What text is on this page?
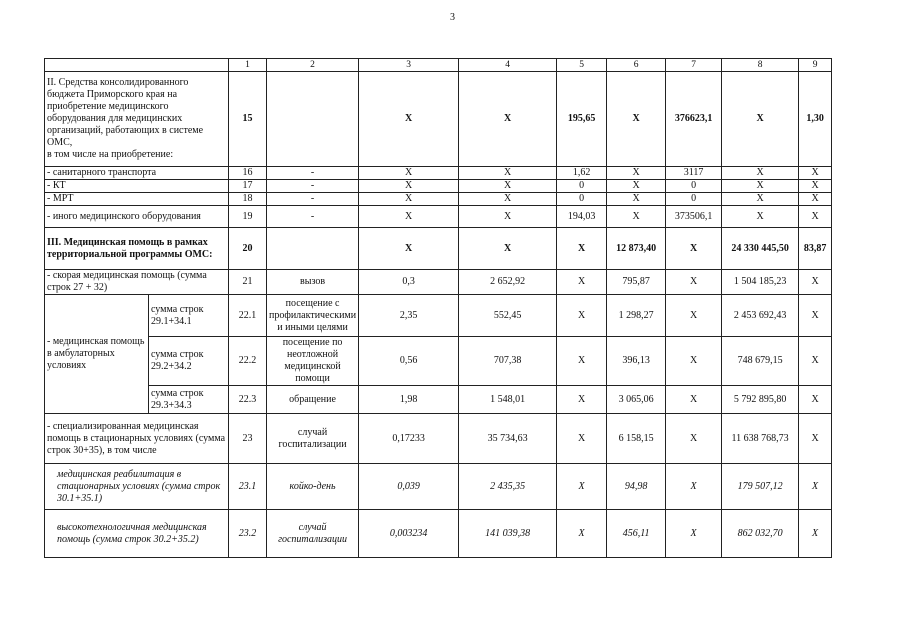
3
		1	2	3	4	5	6	7	8	9

II. Средства консолидированного бюджета Приморского края на приобретение медицинского оборудования для медицинских организаций, работающих в системе ОМС,
в том числе на приобретение:		15		X	X	195,65	X	376623,1	X	1,30
- санитарного транспорта		16	-	X	X	1,62	X	3117	X	X
- КТ		17	-	X	X	0	X	0	X	X
- МРТ		18	-	X	X	0	X	0	X	X
- иного медицинского оборудования		19	-	X	X	194,03	X	373506,1	X	X
III. Медицинская помощь в рамках территориальной программы ОМС:		20		X	X	X	12 873,40	X	24 330 445,50	83,87
- скорая медицинская помощь (сумма строк 27 + 32)		21	вызов	0,3	2 652,92	X	795,87	X	1 504 185,23	X
- медицинская помощь в амбулаторных условиях	сумма строк 29.1+34.1	22.1	посещение с профилактическими и иными целями	2,35	552,45	X	1 298,27	X	2 453 692,43	X
	сумма строк 29.2+34.2	22.2	посещение по неотложной медицинской помощи	0,56	707,38	X	396,13	X	748 679,15	X
	сумма строк 29.3+34.3	22.3	обращение	1,98	1 548,01	X	3 065,06	X	5 792 895,80	X
- специализированная медицинская помощь в стационарных условиях (сумма строк 30+35), в том числе		23	случай госпитализации	0,17233	35 734,63	X	6 158,15	X	11 638 768,73	X
медицинская реабилитация в стационарных условиях (сумма строк 30.1+35.1)		23.1	койко-день	0,039	2 435,35	X	94,98	X	179 507,12	X
высокотехнологичная медицинская помощь (сумма строк 30.2+35.2)		23.2	случай госпитализации	0,003234	141 039,38	X	456,11	X	862 032,70	X
